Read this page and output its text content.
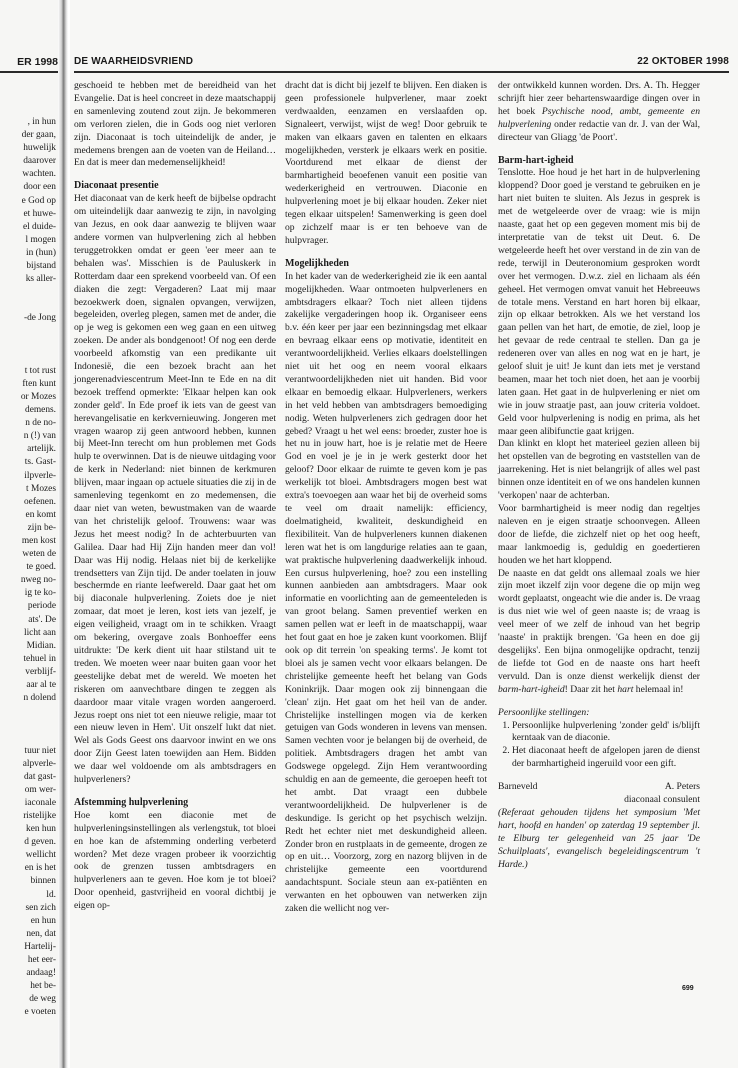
ER 1998
, in hun
der gaan,
huwelijk
daarover
wachten.
door een
e God op
et huwe-
el duide-
l mogen
in (hun)
bijstand
ks aller-
-de Jong
t tot rust
ften kunt
or Mozes
demens.
n de no-
n (!) van
artelijk.
ts. Gast-
ilpverle-
t Mozes
oefenen.
en komt
zijn be-
men kost
weten de
te goed.
nweg no-
ig te ko-
periode
ats'. De
licht aan
Midian.
tehuel in
verblijf-
aar al te
n dolend
tuur niet
alpverle-
dat gast-
om wer-
iaconale
ristelijke
ken hun
d geven.
wellicht
en is het
binnen
ld.
sen zich
en hun
nen, dat
Hartelij-
het eer-
andaag!
het be-
de weg
e voeten
DE WAARHEIDSVRIEND	22 OKTOBER 1998

geschoeid te hebben met de bereidheid van het Evangelie. Dat is heel concreet in deze maatschappij en samenleving zoutend zout zijn. Je bekommeren om verloren zielen, die in Gods oog niet verloren zijn. Diaconaat is toch uiteindelijk de ander, je medemens brengen aan de voeten van de Heiland… En dat is meer dan medemenselijkheid!

Diaconaat presentie

Het diaconaat van de kerk heeft de bijbelse opdracht om uiteindelijk daar aanwezig te zijn, in navolging van Jezus, en ook daar aanwezig te blijven waar andere vormen van hulpverlening zich al hebben teruggetrokken omdat er geen 'eer meer aan te behalen was'. Misschien is de Pauluskerk in Rotterdam daar een sprekend voorbeeld van. Of een diaken die zegt: Vergaderen? Laat mij maar bezoekwerk doen, signalen opvangen, verwijzen, begeleiden, overleg plegen, samen met de ander, die op je weg is gekomen een weg gaan en een uitweg zoeken. De ander als bondgenoot! Of nog een derde voorbeeld afkomstig van een predikante uit Indonesië, die een bezoek bracht aan het jongerenadviescentrum Meet-Inn te Ede en na dit bezoek treffend opmerkte: 'Elkaar helpen kan ook zonder geld'. In Ede proef ik iets van de geest van herevangelisatie en kerkvernieuwing. Jongeren met vragen waarop zij geen antwoord hebben, kunnen bij Meet-Inn terecht om hun problemen met Gods hulp te overwinnen. Dat is de nieuwe uitdaging voor de kerk in Nederland: niet binnen de kerkmuren blijven, maar ingaan op actuele situaties die zij in de samenleving tegenkomt en zo medemensen, die daar niet van weten, bewustmaken van de waarde van het christelijk geloof. Trouwens: waar was Jezus het meest nodig? In de achterbuurten van Galilea. Daar had Hij Zijn handen meer dan vol! Daar was Hij nodig. Helaas niet bij de kerkelijke trendsetters van Zijn tijd. De ander toelaten in jouw beschermde en riante leefwereld. Daar gaat het om bij diaconale hulpverlening. Zoiets doe je niet zomaar, dat moet je leren, kost iets van jezelf, je eigen veiligheid, vraagt om in te schikken. Vraagt om bekering, overgave zoals Bonhoeffer eens uitdrukte: 'De kerk dient uit haar stilstand uit te treden. We moeten weer naar buiten gaan voor het geestelijke debat met de wereld. We moeten het riskeren om aanvechtbare dingen te zeggen als daardoor maar vitale vragen worden aangeroerd. Jezus roept ons niet tot een nieuwe religie, maar tot een nieuw leven in Hem'. Uit onszelf lukt dat niet. Wel als Gods Geest ons daarvoor inwint en we ons door Zijn Geest laten toewijden aan Hem. Bidden we daar wel voldoende om als ambtsdragers en hulpverleners?

Afstemming hulpverlening

Hoe komt een diaconie met de hulpverleningsinstellingen als verlengstuk, tot bloei en hoe kan de afstemming onderling verbeterd worden? Met deze vragen probeer ik voorzichtig ook de grenzen tussen ambtsdragers en hulpverleners aan te geven. Hoe kom je tot bloei? Door openheid, gastvrijheid en vooral dichtbij je eigen op-

dracht dat is dicht bij jezelf te blijven. Een diaken is geen professionele hulpverlener, maar zoekt verdwaalden, eenzamen en verslaafden op. Signaleert, verwijst, wijst de weg! Door gebruik te maken van elkaars gaven en talenten en elkaars mogelijkheden, versterk je elkaars werk en positie. Voortdurend met elkaar de dienst der barmhartigheid beoefenen vanuit een positie van wederkerigheid en vertrouwen. Diaconie en hulpverlening moet je bij elkaar houden. Zeker niet tegen elkaar uitspelen! Samenwerking is geen doel op zichzelf maar is er ten behoeve van de hulpvrager.

Mogelijkheden

In het kader van de wederkerigheid zie ik een aantal mogelijkheden. Waar ontmoeten hulpverleners en ambtsdragers elkaar? Toch niet alleen tijdens zakelijke vergaderingen hoop ik. Organiseer eens b.v. één keer per jaar een bezinningsdag met elkaar en bevraag elkaar eens op motivatie, identiteit en verantwoordelijkheid. Verlies elkaars doelstellingen niet uit het oog en neem vooral elkaars verantwoordelijkheden niet uit handen. Bid voor elkaar en bemoedig elkaar. Hulpverleners, werkers in het veld hebben van ambtsdragers bemoediging nodig. Weten hulpverleners zich gedragen door het gebed? Vraagt u het wel eens: broeder, zuster hoe is het nu in jouw hart, hoe is je relatie met de Heere God en voel je je in je werk gesterkt door het geloof? Door elkaar de ruimte te geven kom je pas werkelijk tot bloei. Ambtsdragers mogen best wat extra's toevoegen aan waar het bij de overheid soms te veel om draait namelijk: efficiency, doelmatigheid, kwaliteit, deskundigheid en flexibiliteit. Van de hulpverleners kunnen diakenen leren wat het is om langdurige relaties aan te gaan, wat praktische hulpverlening daadwerkelijk inhoud. Een cursus hulpverlening, hoe? zou een instelling kunnen aanbieden aan ambtsdragers. Maar ook informatie en voorlichting aan de gemeenteleden is van groot belang. Samen preventief werken en samen pellen wat er leeft in de maatschappij, waar het fout gaat en hoe je zaken kunt voorkomen. Blijf ook op dit terrein 'on speaking terms'. Je komt tot bloei als je samen vecht voor elkaars belangen. De christelijke gemeente heeft het belang van Gods Koninkrijk. Daar mogen ook zij binnengaan die 'clean' zijn. Het gaat om het heil van de ander. Christelijke instellingen mogen via de kerken getuigen van Gods wonderen in levens van mensen. Samen vechten voor je belangen bij de overheid, de politiek. Ambtsdragers dragen het ambt van Godswege opgelegd. Zijn Hem verantwoording schuldig en aan de gemeente, die geroepen heeft tot het ambt. Dat vraagt een dubbele verantwoordelijkheid. De hulpverlener is de deskundige. Is gericht op het psychisch welzijn. Redt het echter niet met deskundigheid alleen. Zonder bron en rustplaats in de gemeente, drogen ze op en uit… Voorzorg, zorg en nazorg blijven in de christelijke gemeente een voortdurend aandachtspunt. Sociale steun aan ex-patiënten en verwanten en het opbouwen van netwerken zijn zaken die wellicht nog ver-

der ontwikkeld kunnen worden. Drs. A. Th. Hegger schrijft hier zeer behartenswaardige dingen over in het boek Psychische nood, ambt, gemeente en hulpverlening onder redactie van dr. J. van der Wal, directeur van Gliagg 'de Poort'.

Barm-hart-igheid

Tenslotte. Hoe houd je het hart in de hulpverlening kloppend? Door goed je verstand te gebruiken en je hart niet buiten te sluiten. Als Jezus in gesprek is met de wetgeleerde over de vraag: wie is mijn naaste, gaat het op een gegeven moment mis bij de interpretatie van de tekst uit Deut. 6. De wetgeleerde heeft het over verstand in de zin van de rede, terwijl in Deuteronomium gesproken wordt over het vermogen. D.w.z. ziel en lichaam als één geheel. Het vermogen omvat vanuit het Hebreeuws de totale mens. Verstand en hart horen bij elkaar, zijn op elkaar betrokken. Als we het verstand los gaan pellen van het hart, de emotie, de ziel, loop je het gevaar de rede centraal te stellen. Dan ga je redeneren over van alles en nog wat en je hart, je geloof sluit je uit! Je kunt dan iets met je verstand beamen, maar het toch niet doen, het aan je voorbij laten gaan. Het gaat in de hulpverlening er niet om wie in jouw straatje past, aan jouw criteria voldoet. Geld voor hulpverlening is nodig en prima, als het maar geen alibifunctie gaat krijgen.

Dan klinkt en klopt het materieel gezien alleen bij het opstellen van de begroting en vaststellen van de jaarrekening. Het is niet belangrijk of alles wel past binnen onze identiteit en of we ons handelen kunnen 'verkopen' naar de achterban.

Voor barmhartigheid is meer nodig dan regeltjes naleven en je eigen straatje schoonvegen. Alleen door de liefde, die zichzelf niet op het oog heeft, maar lankmoedig is, geduldig en goedertieren houden we het hart kloppend.

De naaste en dat geldt ons allemaal zoals we hier zijn moet ikzelf zijn voor degene die op mijn weg wordt geplaatst, ongeacht wie die ander is. De vraag is dus niet wie wel of geen naaste is; de vraag is veel meer of we zelf de inhoud van het begrip 'naaste' in praktijk brengen. 'Ga heen en doe gij desgelijks'. Een bijna onmogelijke opdracht, tenzij de liefde tot God en de naaste ons hart heeft vervuld. Dan is onze dienst werkelijk dienst der barm-hart-igheid! Daar zit het hart helemaal in!

Persoonlijke stellingen:

1. Persoonlijke hulpverlening 'zonder geld' is/blijft kerntaak van de diaconie.
2. Het diaconaat heeft de afgelopen jaren de dienst der barmhartigheid ingeruild voor een gift.
Barneveld	A. Peters
diaconaal consulent

(Referaat gehouden tijdens het symposium 'Met hart, hoofd en handen' op zaterdag 19 september jl. te Elburg ter gelegenheid van 25 jaar 'De Schuilplaats', evangelisch begeleidingscentrum 't Harde.)

699
